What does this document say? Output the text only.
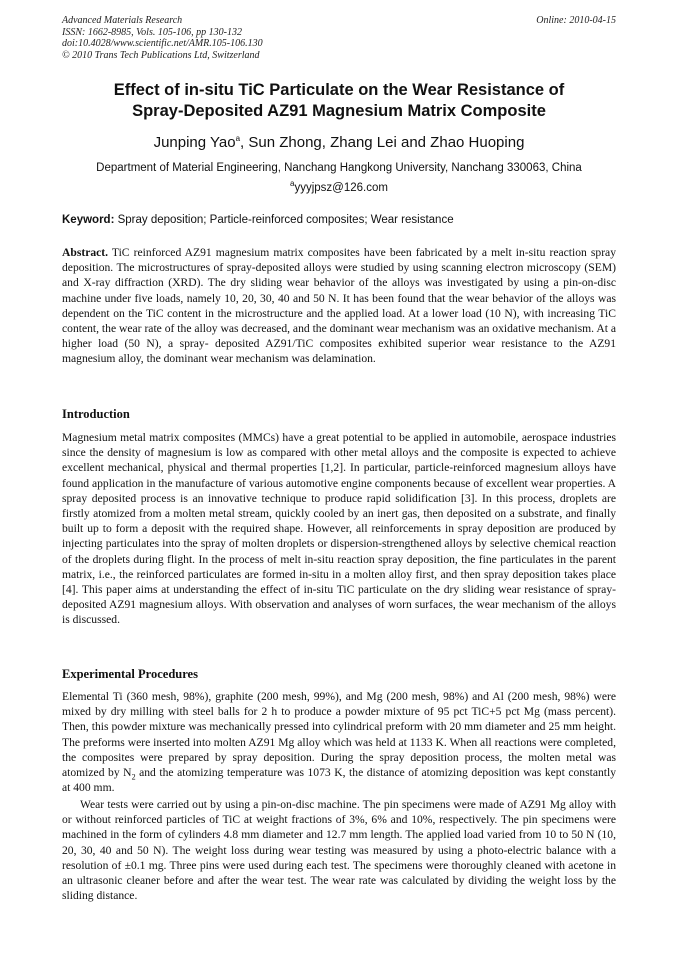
Advanced Materials Research
ISSN: 1662-8985, Vols. 105-106, pp 130-132
doi:10.4028/www.scientific.net/AMR.105-106.130
© 2010 Trans Tech Publications Ltd, Switzerland
Online: 2010-04-15
Effect of in-situ TiC Particulate on the Wear Resistance of
Spray-Deposited AZ91 Magnesium Matrix Composite
Junping Yao$^a$, Sun Zhong, Zhang Lei and Zhao Huoping
Department of Material Engineering, Nanchang Hangkong University, Nanchang 330063, China
$^a$yyyjpsz@126.com
Keyword: Spray deposition; Particle-reinforced composites; Wear resistance
Abstract. TiC reinforced AZ91 magnesium matrix composites have been fabricated by a melt in-situ reaction spray deposition. The microstructures of spray-deposited alloys were studied by using scanning electron microscopy (SEM) and X-ray diffraction (XRD). The dry sliding wear behavior of the alloys was investigated by using a pin-on-disc machine under five loads, namely 10, 20, 30, 40 and 50 N. It has been found that the wear behavior of the alloys was dependent on the TiC content in the microstructure and the applied load. At a lower load (10 N), with increasing TiC content, the wear rate of the alloy was decreased, and the dominant wear mechanism was an oxidative mechanism. At a higher load (50 N), a spray- deposited AZ91/TiC composites exhibited superior wear resistance to the AZ91 magnesium alloy, the dominant wear mechanism was delamination.
Introduction
Magnesium metal matrix composites (MMCs) have a great potential to be applied in automobile, aerospace industries since the density of magnesium is low as compared with other metal alloys and the composite is expected to achieve excellent mechanical, physical and thermal properties [1,2]. In particular, particle-reinforced magnesium alloys have found application in the manufacture of various automotive engine components because of excellent wear properties. A spray deposited process is an innovative technique to produce rapid solidification [3]. In this process, droplets are firstly atomized from a molten metal stream, quickly cooled by an inert gas, then deposited on a substrate, and finally built up to form a deposit with the required shape. However, all reinforcements in spray deposition are produced by injecting particulates into the spray of molten droplets or dispersion-strengthened alloys by selective chemical reaction of the droplets during flight. In the process of melt in-situ reaction spray deposition, the fine particulates in the parent matrix, i.e., the reinforced particulates are formed in-situ in a molten alloy first, and then spray deposition takes place [4]. This paper aims at understanding the effect of in-situ TiC particulate on the dry sliding wear resistance of spray-deposited AZ91 magnesium alloys. With observation and analyses of worn surfaces, the wear mechanism of the alloys is discussed.
Experimental Procedures
Elemental Ti (360 mesh, 98%), graphite (200 mesh, 99%), and Mg (200 mesh, 98%) and Al (200 mesh, 98%) were mixed by dry milling with steel balls for 2 h to produce a powder mixture of 95 pct TiC+5 pct Mg (mass percent). Then, this powder mixture was mechanically pressed into cylindrical preform with 20 mm diameter and 25 mm height. The preforms were inserted into molten AZ91 Mg alloy which was held at 1133 K. When all reactions were completed, the composites were prepared by spray deposition. During the spray deposition process, the molten metal was atomized by $N_2$ and the atomizing temperature was 1073 K, the distance of atomizing deposition was kept constantly at 400 mm.
Wear tests were carried out by using a pin-on-disc machine. The pin specimens were made of AZ91 Mg alloy with or without reinforced particles of TiC at weight fractions of 3%, 6% and 10%, respectively. The pin specimens were machined in the form of cylinders 4.8 mm diameter and 12.7 mm length. The applied load varied from 10 to 50 N (10, 20, 30, 40 and 50 N). The weight loss during wear testing was measured by using a photo-electric balance with a resolution of ±0.1 mg. Three pins were used during each test. The specimens were thoroughly cleaned with acetone in an ultrasonic cleaner before and after the wear test. The wear rate was calculated by dividing the weight loss by the sliding distance.
